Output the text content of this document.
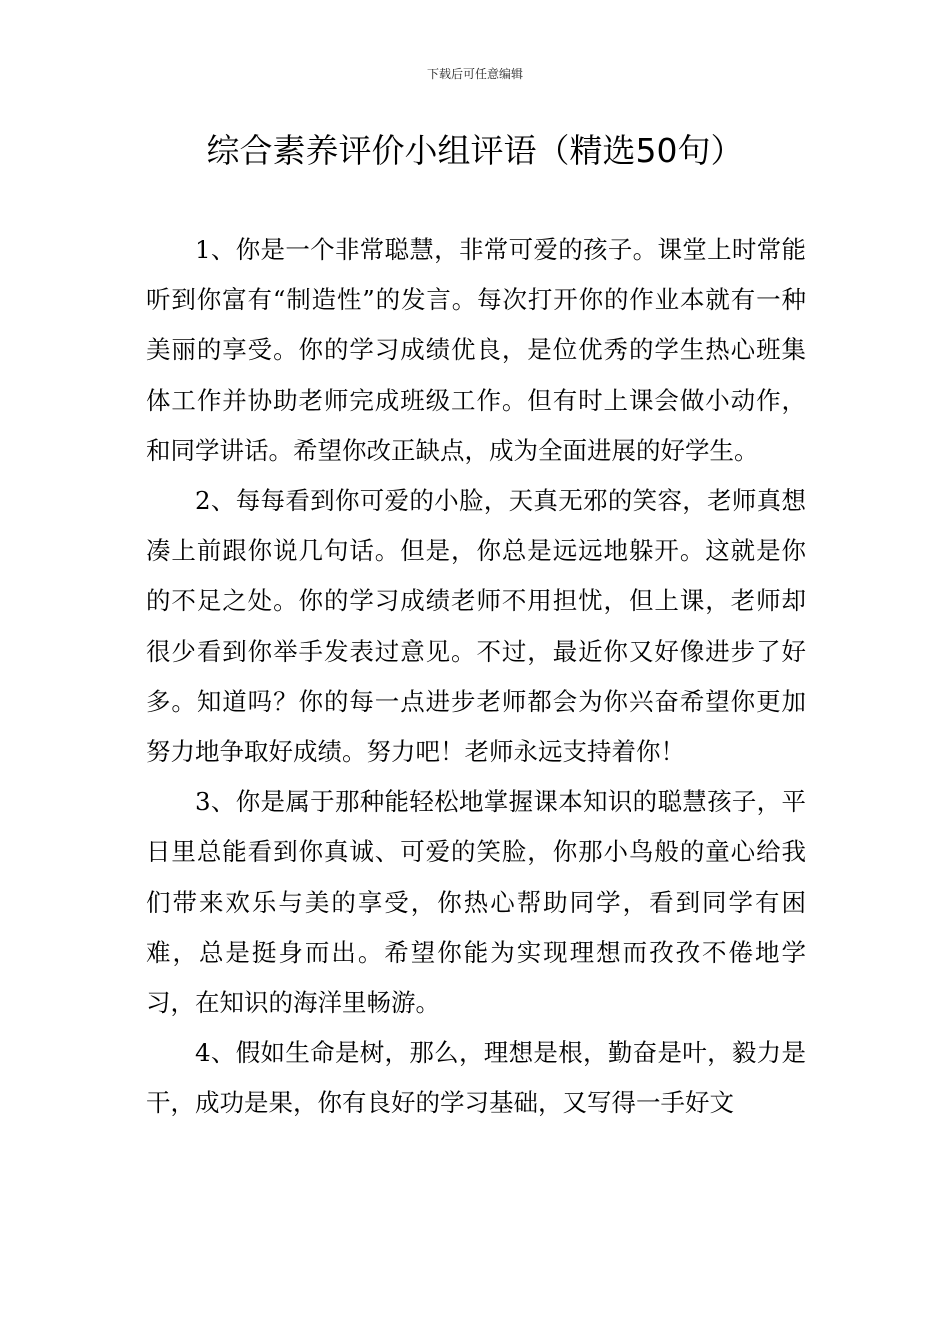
下载后可任意编辑
综合素养评价小组评语（精选50句）

1、你是一个非常聪慧，非常可爱的孩子。课堂上时常能听到你富有“制造性”的发言。每次打开你的作业本就有一种美丽的享受。你的学习成绩优良，是位优秀的学生热心班集体工作并协助老师完成班级工作。但有时上课会做小动作，和同学讲话。希望你改正缺点，成为全面进展的好学生。

2、每每看到你可爱的小脸，天真无邪的笑容，老师真想凑上前跟你说几句话。但是，你总是远远地躲开。这就是你的不足之处。你的学习成绩老师不用担忧，但上课，老师却很少看到你举手发表过意见。不过，最近你又好像进步了好多。知道吗？你的每一点进步老师都会为你兴奋希望你更加努力地争取好成绩。努力吧！老师永远支持着你！

3、你是属于那种能轻松地掌握课本知识的聪慧孩子，平日里总能看到你真诚、可爱的笑脸，你那小鸟般的童心给我们带来欢乐与美的享受，你热心帮助同学，看到同学有困难，总是挺身而出。希望你能为实现理想而孜孜不倦地学习，在知识的海洋里畅游。

4、假如生命是树，那么，理想是根，勤奋是叶，毅力是干，成功是果，你有良好的学习基础，又写得一手好文
